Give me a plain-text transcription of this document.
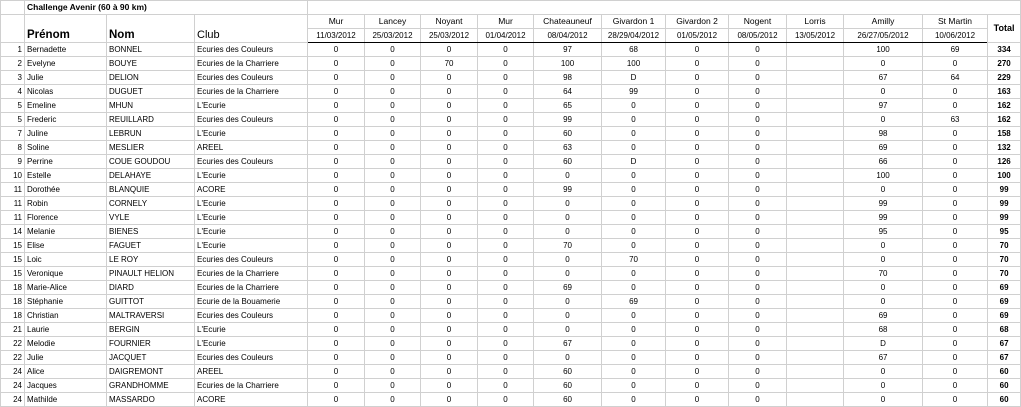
	Challenge Avenir (60 à 90 km)														
	Prénom	Nom	Club	Mur	Lancey	Noyant	Mur	Chateauneuf	Givardon 1	Givardon 2	Nogent	Lorris	Amilly	St Martin	Total
				11/03/2012	25/03/2012	25/03/2012	01/04/2012	08/04/2012	28/29/04/2012	01/05/2012	08/05/2012	13/05/2012	26/27/05/2012	10/06/2012	
1	Bernadette	BONNEL	Ecuries des Couleurs	0	0	0	0	97	68	0	0		100	69	334
2	Evelyne	BOUYE	Ecuries de la Charriere	0	0	70	0	100	100	0	0		0	0	270
3	Julie	DELION	Ecuries des Couleurs	0	0	0	0	98	D	0	0		67	64	229
4	Nicolas	DUGUET	Ecuries de la Charriere	0	0	0	0	64	99	0	0		0	0	163
5	Emeline	MHUN	L'Ecurie	0	0	0	0	65	0	0	0		97	0	162
5	Frederic	REUILLARD	Ecuries des Couleurs	0	0	0	0	99	0	0	0		0	63	162
7	Juline	LEBRUN	L'Ecurie	0	0	0	0	60	0	0	0		98	0	158
8	Soline	MESLIER	AREEL	0	0	0	0	63	0	0	0		69	0	132
9	Perrine	COUE GOUDOU	Ecuries des Couleurs	0	0	0	0	60	D	0	0		66	0	126
10	Estelle	DELAHAYE	L'Ecurie	0	0	0	0	0	0	0	0		100	0	100
11	Dorothée	BLANQUIE	ACORE	0	0	0	0	99	0	0	0		0	0	99
11	Robin	CORNELY	L'Ecurie	0	0	0	0	0	0	0	0		99	0	99
11	Florence	VYLE	L'Ecurie	0	0	0	0	0	0	0	0		99	0	99
14	Melanie	BIENES	L'Ecurie	0	0	0	0	0	0	0	0		95	0	95
15	Elise	FAGUET	L'Ecurie	0	0	0	0	70	0	0	0		0	0	70
15	Loic	LE ROY	Ecuries des Couleurs	0	0	0	0	0	70	0	0		0	0	70
15	Veronique	PINAULT HELION	Ecuries de la Charriere	0	0	0	0	0	0	0	0		70	0	70
18	Marie-Alice	DIARD	Ecuries de la Charriere	0	0	0	0	69	0	0	0		0	0	69
18	Stéphanie	GUITTOT	Ecurie de la Bouamerie	0	0	0	0	0	69	0	0		0	0	69
18	Christian	MALTRAVERSI	Ecuries des Couleurs	0	0	0	0	0	0	0	0		69	0	69
21	Laurie	BERGIN	L'Ecurie	0	0	0	0	0	0	0	0		68	0	68
22	Melodie	FOURNIER	L'Ecurie	0	0	0	0	67	0	0	0		D	0	67
22	Julie	JACQUET	Ecuries des Couleurs	0	0	0	0	0	0	0	0		67	0	67
24	Alice	DAIGREMONT	AREEL	0	0	0	0	60	0	0	0		0	0	60
24	Jacques	GRANDHOMME	Ecuries de la Charriere	0	0	0	0	60	0	0	0		0	0	60
24	Mathilde	MASSARDO	ACORE	0	0	0	0	60	0	0	0		0	0	60
